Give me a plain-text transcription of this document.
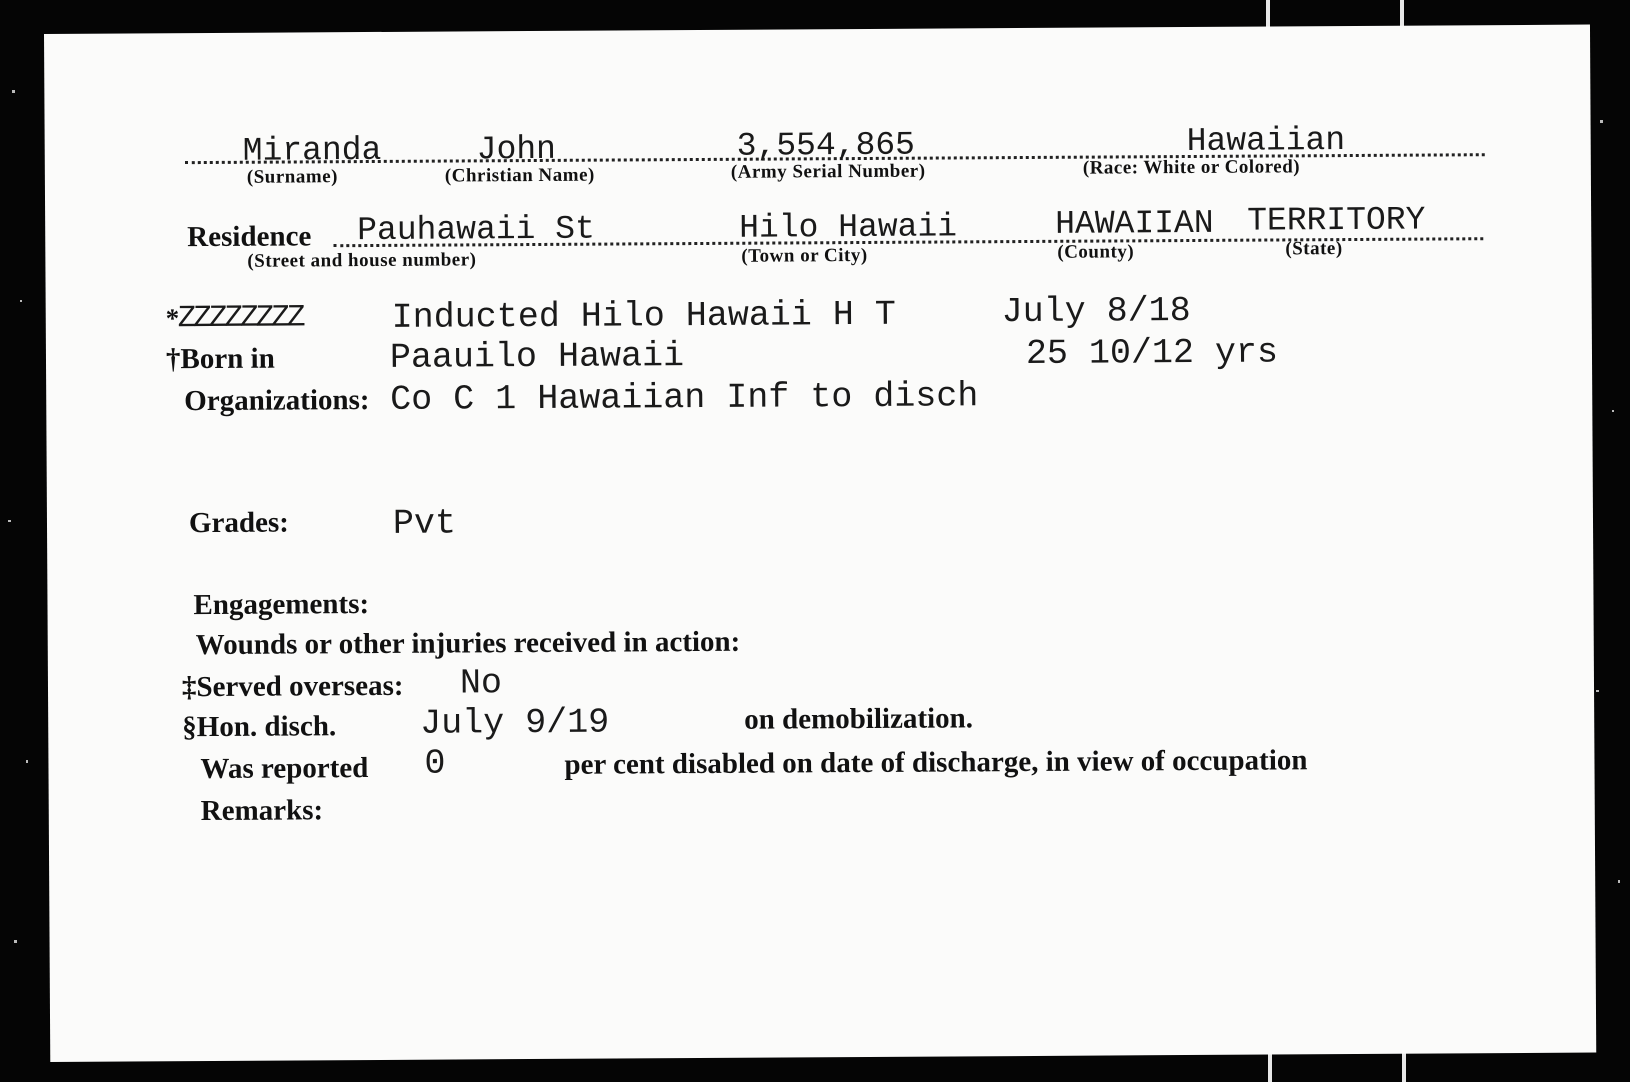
Miranda
(Surname)
John
(Christian Name)
3,554,865
(Army Serial Number)
Hawaiian
(Race: White or Colored)
Residence Pauhawaii St
(Street and house number)
Hilo Hawaii
(Town or City)
HAWAIIAN
(County)
TERRITORY
(State)
*
ZZZZZZZZ	Inducted Hilo Hawaii H T	July 8/18
†Born in	Paauilo Hawaii	25 10/12 yrs
Organizations: Co C 1 Hawaiian Inf to disch
Grades:	Pvt
Engagements:
Wounds or other injuries received in action:
‡Served overseas: No
§Hon. disch. July 9/19	on demobilization.
Was reported 0	per cent disabled on date of discharge, in view of occupation
Remarks:
